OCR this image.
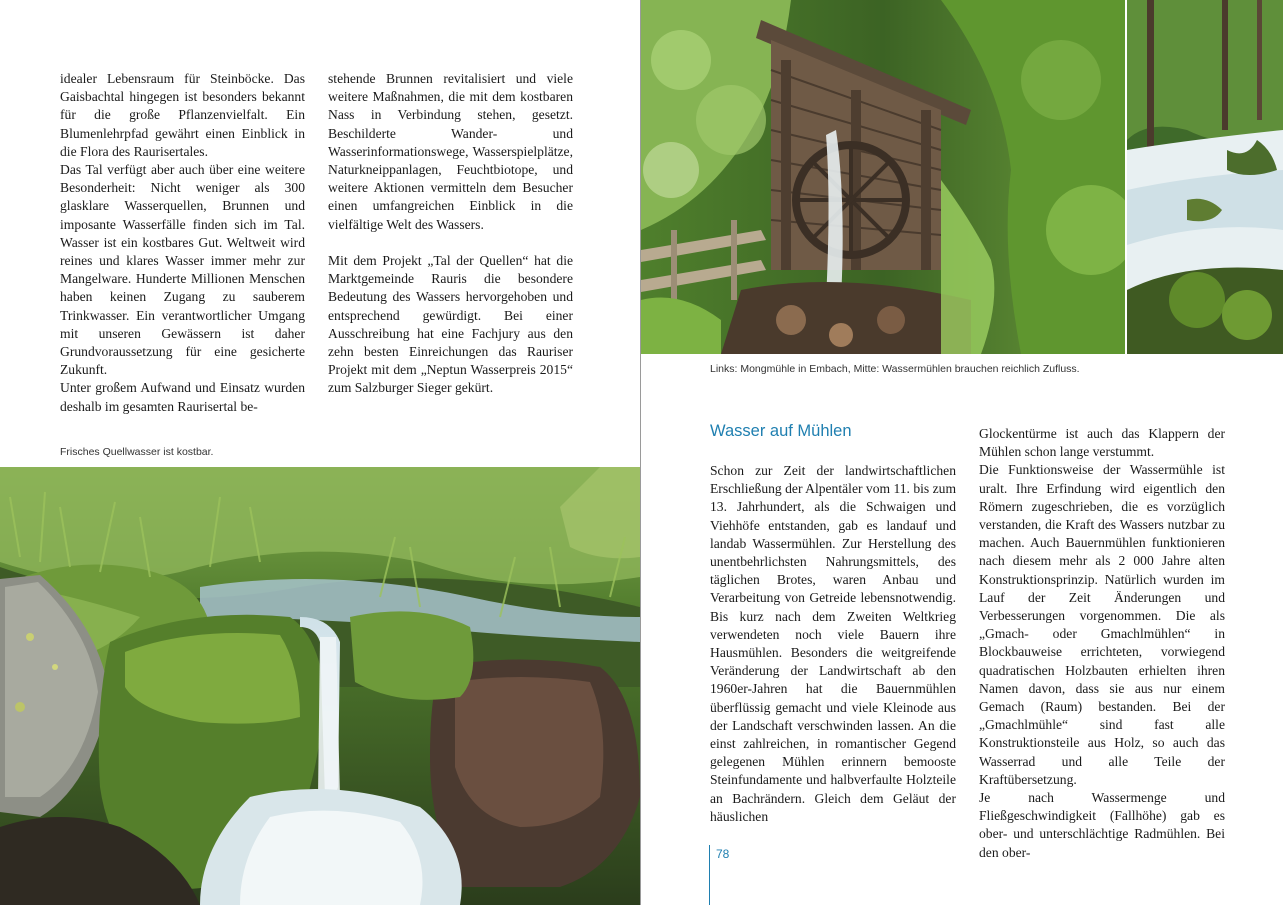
idealer Lebensraum für Steinböcke. Das Gaisbachtal hingegen ist besonders bekannt für die große Pflanzenvielfalt. Ein Blumenlehrpfad gewährt einen Einblick in die Flora des Raurisertales.

Das Tal verfügt aber auch über eine weitere Besonderheit: Nicht weniger als 300 glasklare Wasserquellen, Brunnen und imposante Wasserfälle finden sich im Tal. Wasser ist ein kostbares Gut. Weltweit wird reines und klares Wasser immer mehr zur Mangelware. Hunderte Millionen Menschen haben keinen Zugang zu sauberem Trinkwasser. Ein verantwortlicher Umgang mit unseren Gewässern ist daher Grundvoraussetzung für eine gesicherte Zukunft.

Unter großem Aufwand und Einsatz wurden deshalb im gesamten Raurisertal be-

stehende Brunnen revitalisiert und viele weitere Maßnahmen, die mit dem kostbaren Nass in Verbindung stehen, gesetzt. Beschilderte Wander- und Wasserinformationswege, Wasserspielplätze, Naturkneippanlagen, Feuchtbiotope, und weitere Aktionen vermitteln dem Besucher einen umfangreichen Einblick in die vielfältige Welt des Wassers.

Mit dem Projekt „Tal der Quellen“ hat die Marktgemeinde Rauris die besondere Bedeutung des Wassers hervorgehoben und entsprechend gewürdigt. Bei einer Ausschreibung hat eine Fachjury aus den zehn besten Einreichungen das Rauriser Projekt mit dem „Neptun Wasserpreis 2015“ zum Salzburger Sieger gekürt.

Frisches Quellwasser ist kostbar.
Links: Mongmühle in Embach, Mitte: Wassermühlen brauchen reichlich Zufluss.
Wasser auf Mühlen

Schon zur Zeit der landwirtschaftlichen Erschließung der Alpentäler vom 11. bis zum 13. Jahrhundert, als die Schwaigen und Viehhöfe entstanden, gab es landauf und landab Wassermühlen. Zur Herstellung des unentbehrlichsten Nahrungsmittels, des täglichen Brotes, waren Anbau und Verarbeitung von Getreide lebensnotwendig. Bis kurz nach dem Zweiten Weltkrieg verwendeten noch viele Bauern ihre Hausmühlen. Besonders die weitgreifende Veränderung der Landwirtschaft ab den 1960er-Jahren hat die Bauernmühlen überflüssig gemacht und viele Kleinode aus der Landschaft verschwinden lassen. An die einst zahlreichen, in romantischer Gegend gelegenen Mühlen erinnern bemooste Steinfundamente und halbverfaulte Holzteile an Bachrändern. Gleich dem Geläut der häuslichen

Glockentürme ist auch das Klappern der Mühlen schon lange verstummt.

Die Funktionsweise der Wassermühle ist uralt. Ihre Erfindung wird eigentlich den Römern zugeschrieben, die es vorzüglich verstanden, die Kraft des Wassers nutzbar zu machen. Auch Bauernmühlen funktionieren nach diesem mehr als 2 000 Jahre alten Konstruktionsprinzip. Natürlich wurden im Lauf der Zeit Änderungen und Verbesserungen vorgenommen. Die als „Gmach- oder Gmachlmühlen“ in Blockbauweise errichteten, vorwiegend quadratischen Holzbauten erhielten ihren Namen davon, dass sie aus nur einem Gemach (Raum) bestanden. Bei der „Gmachlmühle“ sind fast alle Konstruktionsteile aus Holz, so auch das Wasserrad und alle Teile der Kraftübersetzung.

Je nach Wassermenge und Fließgeschwindigkeit (Fallhöhe) gab es ober- und unterschlächtige Radmühlen. Bei den ober-

78
